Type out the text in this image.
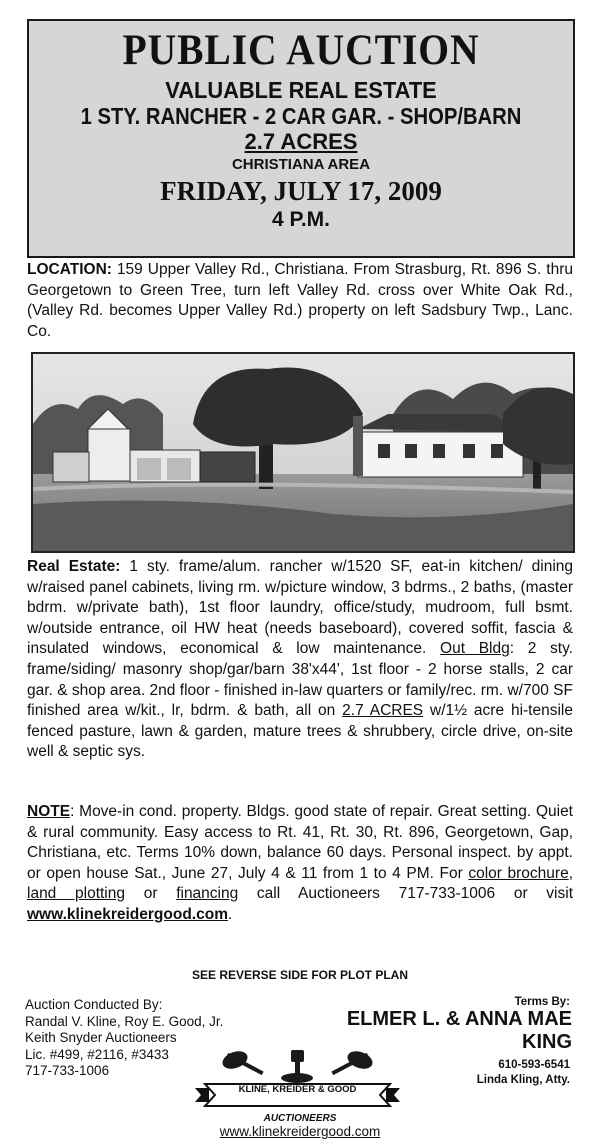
PUBLIC AUCTION
VALUABLE REAL ESTATE
1 STY. RANCHER - 2 CAR GAR. - SHOP/BARN
2.7 ACRES
CHRISTIANA AREA
FRIDAY, JULY 17, 2009
4 P.M.
LOCATION: 159 Upper Valley Rd., Christiana. From Strasburg, Rt. 896 S. thru Georgetown to Green Tree, turn left Valley Rd. cross over White Oak Rd., (Valley Rd. becomes Upper Valley Rd.) property on left Sadsbury Twp., Lanc. Co.
Real Estate: 1 sty. frame/alum. rancher w/1520 SF, eat-in kitchen/ dining w/raised panel cabinets, living rm. w/picture window, 3 bdrms., 2 baths, (master bdrm. w/private bath), 1st floor laundry, office/study, mudroom, full bsmt. w/outside entrance, oil HW heat (needs baseboard), covered soffit, fascia & insulated windows, economical & low maintenance. Out Bldg: 2 sty. frame/siding/ masonry shop/gar/barn 38'x44', 1st floor - 2 horse stalls, 2 car gar. & shop area. 2nd floor - finished in-law quarters or family/rec. rm. w/700 SF finished area w/kit., lr, bdrm. & bath, all on 2.7 ACRES w/1½ acre hi-tensile fenced pasture, lawn & garden, mature trees & shrubbery, circle drive, on-site well & septic sys.
NOTE: Move-in cond. property. Bldgs. good state of repair. Great setting. Quiet & rural community. Easy access to Rt. 41, Rt. 30, Rt. 896, Georgetown, Gap, Christiana, etc. Terms 10% down, balance 60 days. Personal inspect. by appt. or open house Sat., June 27, July 4 & 11 from 1 to 4 PM. For color brochure, land plotting or financing call Auctioneers 717-733-1006 or visit www.klinekreidergood.com.
SEE REVERSE SIDE FOR PLOT PLAN
Auction Conducted By:
Randal V. Kline, Roy E. Good, Jr.
Keith Snyder Auctioneers
Lic. #499, #2116, #3433
717-733-1006
Terms By:
ELMER L. & ANNA MAE
KING
610-593-6541
Linda Kling, Atty.
KLINE, KREIDER & GOOD
AUCTIONEERS
www.klinekreidergood.com
